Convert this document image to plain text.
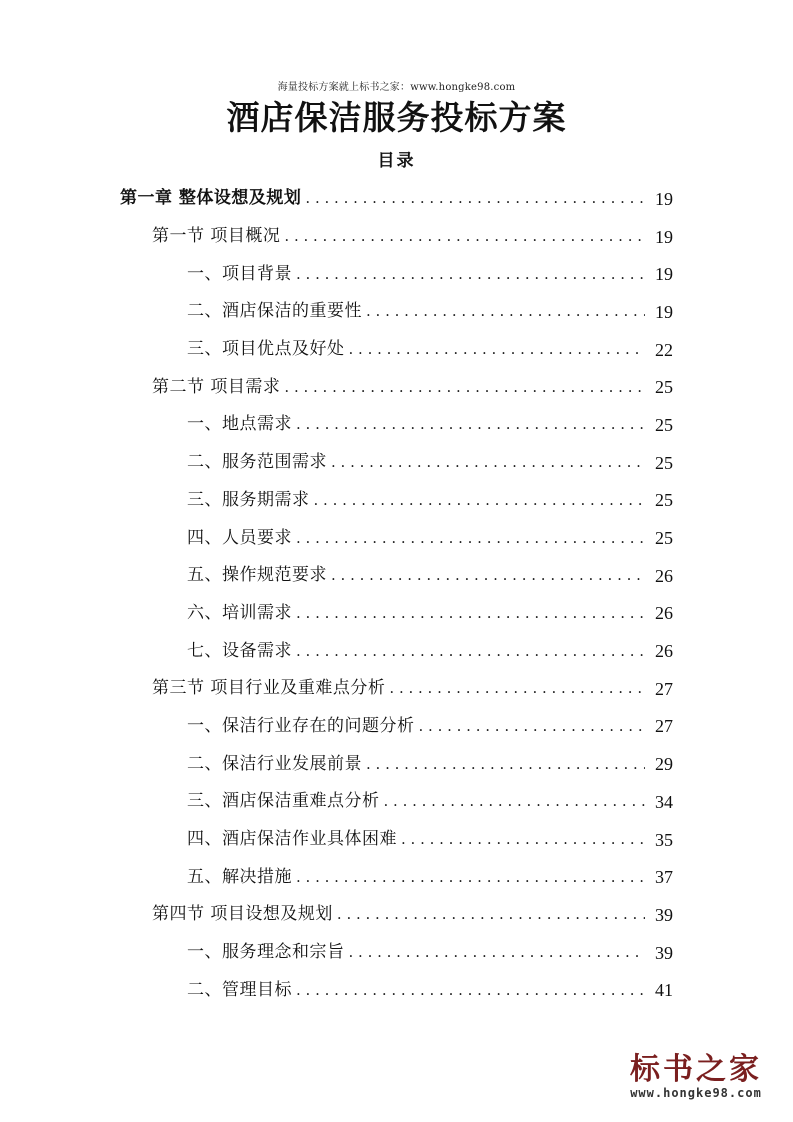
海量投标方案就上标书之家：www.hongke98.com
酒店保洁服务投标方案
目录
第一章 整体设想及规划 . . .	19
第一节 项目概况 . . .	19
一、项目背景 . . .	19
二、酒店保洁的重要性 . . .	19
三、项目优点及好处 . . .	22
第二节 项目需求 . . .	25
一、地点需求 . . .	25
二、服务范围需求 . . .	25
三、服务期需求 . . .	25
四、人员要求 . . .	25
五、操作规范要求 . . .	26
六、培训需求 . . .	26
七、设备需求 . . .	26
第三节 项目行业及重难点分析 . . .	27
一、保洁行业存在的问题分析 . . .	27
二、保洁行业发展前景 . . .	29
三、酒店保洁重难点分析 . . .	34
四、酒店保洁作业具体困难 . . .	35
五、解决措施 . . .	37
第四节 项目设想及规划 . . .	39
一、服务理念和宗旨 . . .	39
二、管理目标 . . .	41
标书之家
www.hongke98.com
